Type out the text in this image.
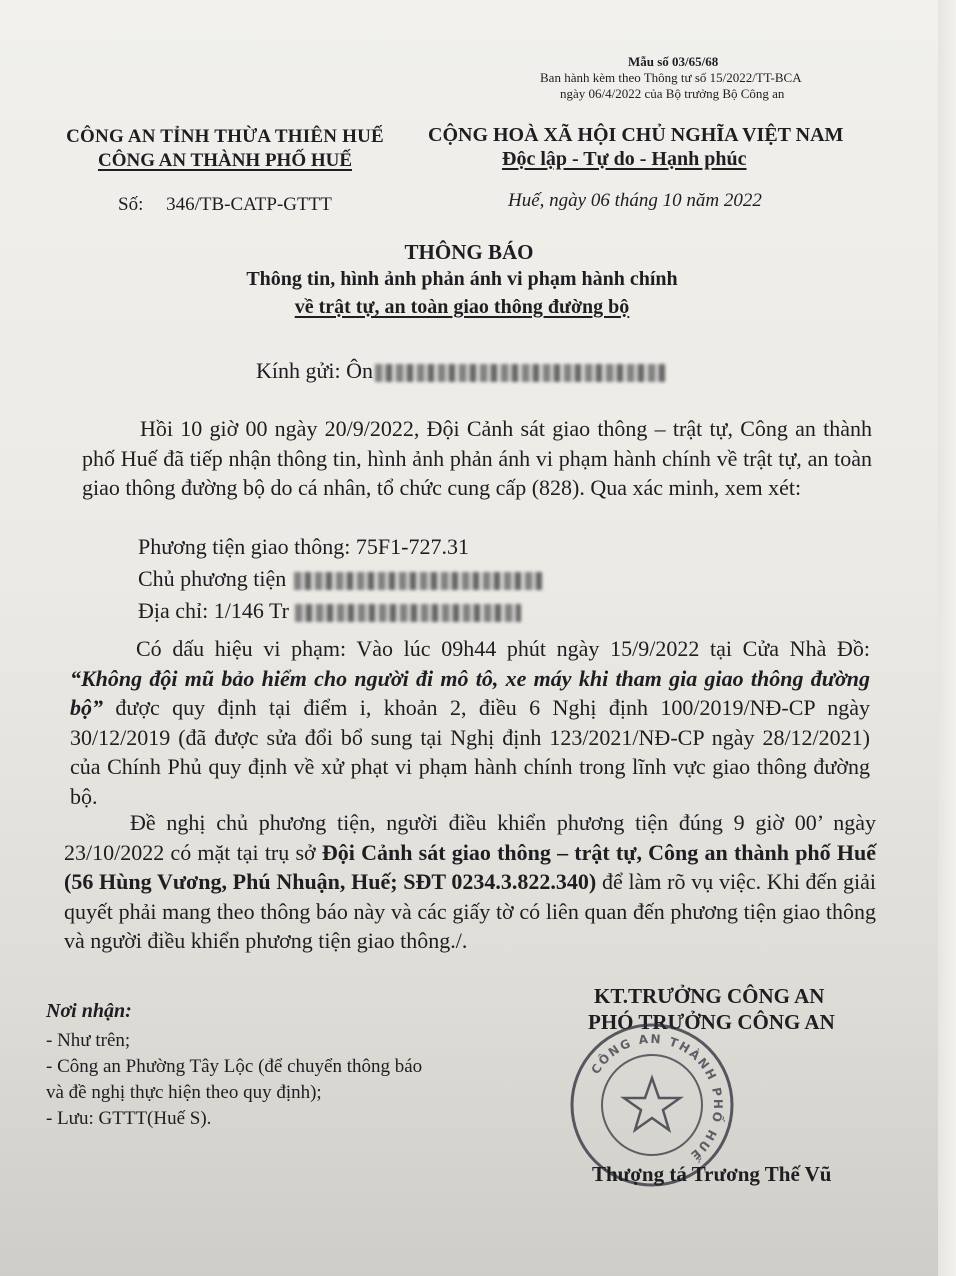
Mẫu số 03/65/68
Ban hành kèm theo Thông tư số 15/2022/TT-BCA
ngày 06/4/2022 của Bộ trưởng Bộ Công an
CÔNG AN TỈNH THỪA THIÊN HUẾ
CÔNG AN THÀNH PHỐ HUẾ
Số: 346/TB-CATP-GTTT
CỘNG HOÀ XÃ HỘI CHỦ NGHĨA VIỆT NAM
Độc lập - Tự do - Hạnh phúc
Huế, ngày 06 tháng 10 năm 2022
THÔNG BÁO
Thông tin, hình ảnh phản ánh vi phạm hành chính
về trật tự, an toàn giao thông đường bộ
Kính gửi: Ôn
Hồi 10 giờ 00 ngày 20/9/2022, Đội Cảnh sát giao thông – trật tự, Công an thành phố Huế đã tiếp nhận thông tin, hình ảnh phản ánh vi phạm hành chính về trật tự, an toàn giao thông đường bộ do cá nhân, tổ chức cung cấp (828). Qua xác minh, xem xét:
Phương tiện giao thông: 75F1-727.31
Chủ phương tiện
Địa chỉ: 1/146 Tr
Có dấu hiệu vi phạm: Vào lúc 09h44 phút ngày 15/9/2022 tại Cửa Nhà Đồ: “Không đội mũ bảo hiểm cho người đi mô tô, xe máy khi tham gia giao thông đường bộ” được quy định tại điểm i, khoản 2, điều 6 Nghị định 100/2019/NĐ-CP ngày 30/12/2019 (đã được sửa đổi bổ sung tại Nghị định 123/2021/NĐ-CP ngày 28/12/2021) của Chính Phủ quy định về xử phạt vi phạm hành chính trong lĩnh vực giao thông đường bộ.
Đề nghị chủ phương tiện, người điều khiển phương tiện đúng 9 giờ 00’ ngày 23/10/2022 có mặt tại trụ sở Đội Cảnh sát giao thông – trật tự, Công an thành phố Huế (56 Hùng Vương, Phú Nhuận, Huế; SĐT 0234.3.822.340) để làm rõ vụ việc. Khi đến giải quyết phải mang theo thông báo này và các giấy tờ có liên quan đến phương tiện giao thông và người điều khiển phương tiện giao thông./.
Nơi nhận:
- Như trên;
- Công an Phường Tây Lộc (để chuyển thông báo
và đề nghị thực hiện theo quy định);
- Lưu: GTTT(Huế S).
KT.TRƯỞNG CÔNG AN
PHÓ TRƯỞNG CÔNG AN
CÔNG AN THÀNH PHỐ HUẾ
Thượng tá Trương Thế Vũ
